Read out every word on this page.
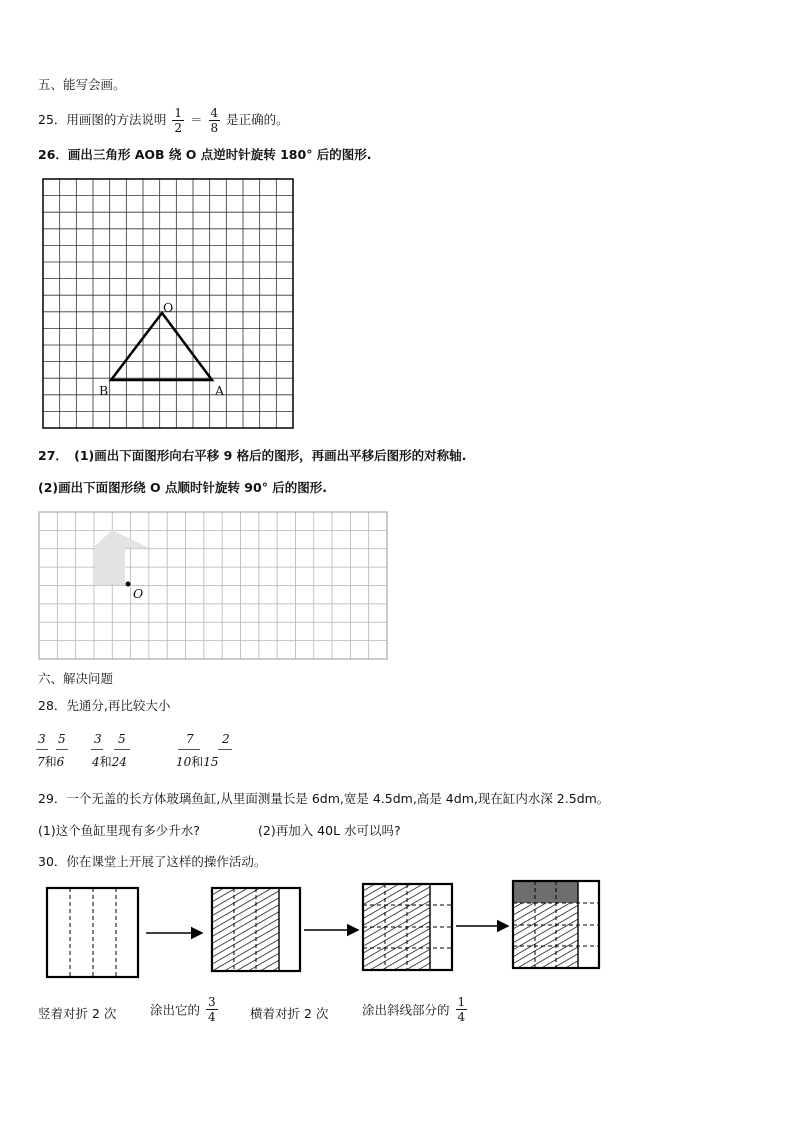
五、能写会画。
25．用画图的方法说明 $\frac{1}{2} = \frac{4}{8}$ 是正确的。
26．画出三角形 AOB 绕 O 点逆时针旋转 180° 后的图形.
O
A
B
27．　(1)画出下面图形向右平移 9 格后的图形，再画出平移后图形的对称轴.
(2)画出下面图形绕 O 点顺时针旋转 90° 后的图形.
O
六、解决问题
28．先通分,再比较大小
3 5
7和6
3 5
4和24
7 2
10和15
29．一个无盖的长方体玻璃鱼缸,从里面测量长是 6dm,宽是 4.5dm,高是 4dm,现在缸内水深 2.5dm。
(1)这个鱼缸里现有多少升水?	(2)再加入 40L 水可以吗?
30．你在课堂上开展了这样的操作活动。
竖着对折 2 次	涂出它的 $\frac{3}{4}$	横着对折 2 次	涂出斜线部分的 $\frac{1}{4}$
